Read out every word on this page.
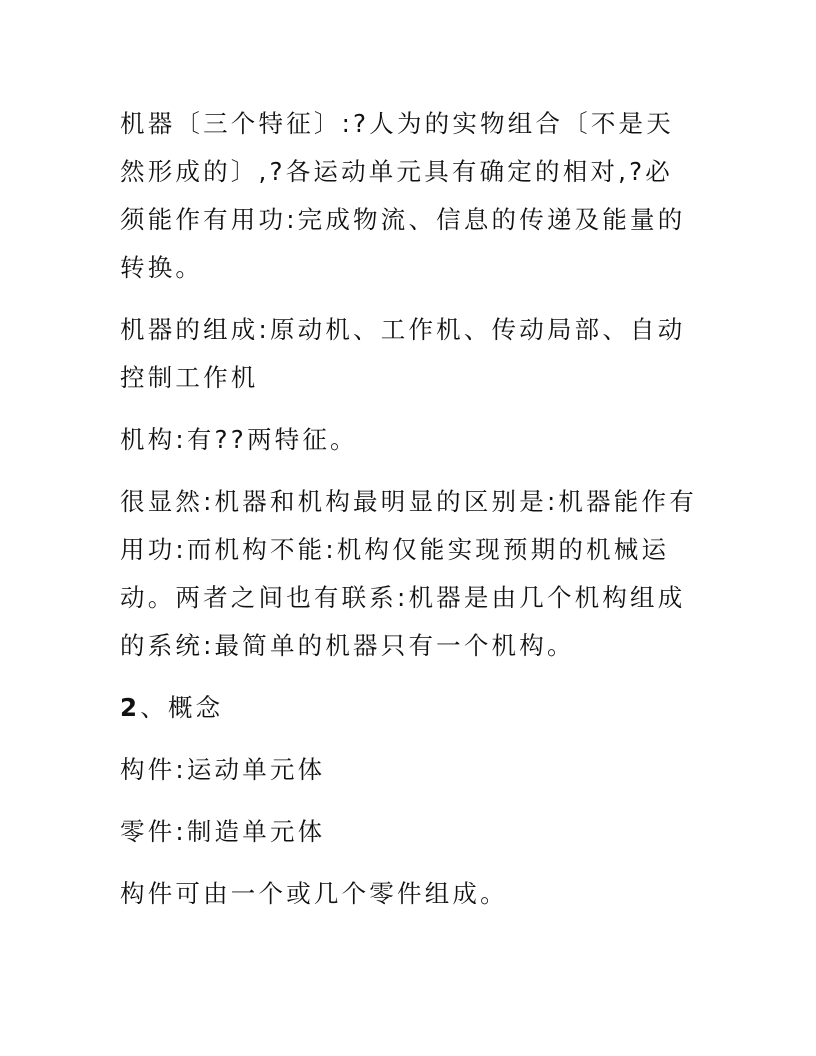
机器〔三个特征〕:?人为的实物组合〔不是天然形成的〕,?各运动单元具有确定的相对,?必须能作有用功:完成物流、信息的传递及能量的转换。

机器的组成:原动机、工作机、传动局部、自动控制工作机

机构:有??两特征。

很显然:机器和机构最明显的区别是:机器能作有用功:而机构不能:机构仅能实现预期的机械运动。两者之间也有联系:机器是由几个机构组成的系统:最简单的机器只有一个机构。

2、概念

构件:运动单元体

零件:制造单元体

构件可由一个或几个零件组成。
